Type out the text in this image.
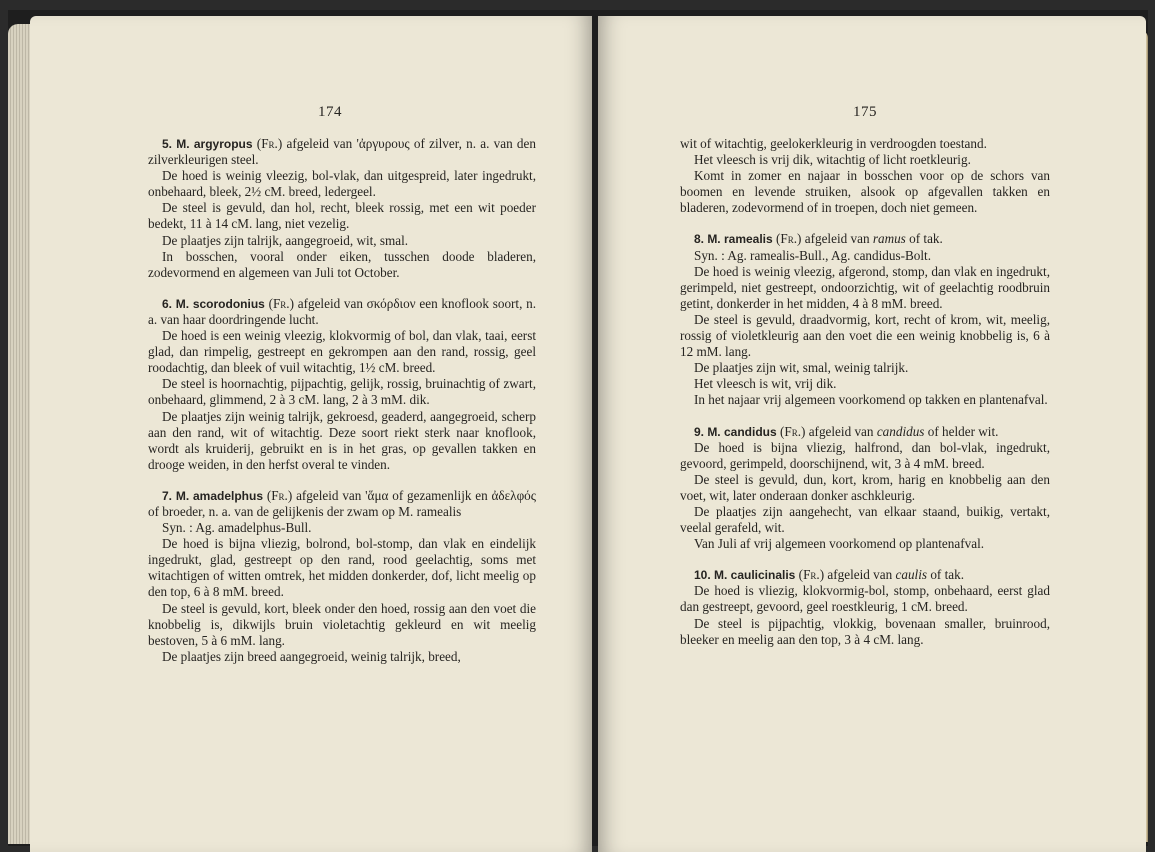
174

5. M. argyropus (Fr.) afgeleid van 'ἀργυρους of zilver, n. a. van den zilverkleurigen steel.

De hoed is weinig vleezig, bol-vlak, dan uitgespreid, later ingedrukt, onbehaard, bleek, 2½ cM. breed, ledergeel.

De steel is gevuld, dan hol, recht, bleek rossig, met een wit poeder bedekt, 11 à 14 cM. lang, niet vezelig.

De plaatjes zijn talrijk, aangegroeid, wit, smal.

In bosschen, vooral onder eiken, tusschen doode bladeren, zodevormend en algemeen van Juli tot October.

6. M. scorodonius (Fr.) afgeleid van σκόρδιον een knoflook soort, n. a. van haar doordringende lucht.

De hoed is een weinig vleezig, klokvormig of bol, dan vlak, taai, eerst glad, dan rimpelig, gestreept en gekrompen aan den rand, rossig, geel roodachtig, dan bleek of vuil witachtig, 1½ cM. breed.

De steel is hoornachtig, pijpachtig, gelijk, rossig, bruinachtig of zwart, onbehaard, glimmend, 2 à 3 cM. lang, 2 à 3 mM. dik.

De plaatjes zijn weinig talrijk, gekroesd, geaderd, aangegroeid, scherp aan den rand, wit of witachtig. Deze soort riekt sterk naar knoflook, wordt als kruiderij, gebruikt en is in het gras, op gevallen takken en drooge weiden, in den herfst overal te vinden.

7. M. amadelphus (Fr.) afgeleid van 'ἅμα of gezamenlijk en ἀδελφός of broeder, n. a. van de gelijkenis der zwam op M. ramealis

Syn. : Ag. amadelphus-Bull.

De hoed is bijna vliezig, bolrond, bol-stomp, dan vlak en eindelijk ingedrukt, glad, gestreept op den rand, rood geelachtig, soms met witachtigen of witten omtrek, het midden donkerder, dof, licht meelig op den top, 6 à 8 mM. breed.

De steel is gevuld, kort, bleek onder den hoed, rossig aan den voet die knobbelig is, dikwijls bruin violetachtig gekleurd en wit meelig bestoven, 5 à 6 mM. lang.

De plaatjes zijn breed aangegroeid, weinig talrijk, breed,

175

wit of witachtig, geelokerkleurig in verdroogden toestand.

Het vleesch is vrij dik, witachtig of licht roetkleurig.

Komt in zomer en najaar in bosschen voor op de schors van boomen en levende struiken, alsook op afgevallen takken en bladeren, zodevormend of in troepen, doch niet gemeen.

8. M. ramealis (Fr.) afgeleid van ramus of tak.

Syn. : Ag. ramealis-Bull., Ag. candidus-Bolt.

De hoed is weinig vleezig, afgerond, stomp, dan vlak en ingedrukt, gerimpeld, niet gestreept, ondoorzichtig, wit of geelachtig roodbruin getint, donkerder in het midden, 4 à 8 mM. breed.

De steel is gevuld, draadvormig, kort, recht of krom, wit, meelig, rossig of violetkleurig aan den voet die een weinig knobbelig is, 6 à 12 mM. lang.

De plaatjes zijn wit, smal, weinig talrijk.

Het vleesch is wit, vrij dik.

In het najaar vrij algemeen voorkomend op takken en plantenafval.

9. M. candidus (Fr.) afgeleid van candidus of helder wit.

De hoed is bijna vliezig, halfrond, dan bol-vlak, ingedrukt, gevoord, gerimpeld, doorschijnend, wit, 3 à 4 mM. breed.

De steel is gevuld, dun, kort, krom, harig en knobbelig aan den voet, wit, later onderaan donker aschkleurig.

De plaatjes zijn aangehecht, van elkaar staand, buikig, vertakt, veelal gerafeld, wit.

Van Juli af vrij algemeen voorkomend op plantenafval.

10. M. caulicinalis (Fr.) afgeleid van caulis of tak.

De hoed is vliezig, klokvormig-bol, stomp, onbehaard, eerst glad dan gestreept, gevoord, geel roestkleurig, 1 cM. breed.

De steel is pijpachtig, vlokkig, bovenaan smaller, bruinrood, bleeker en meelig aan den top, 3 à 4 cM. lang.
